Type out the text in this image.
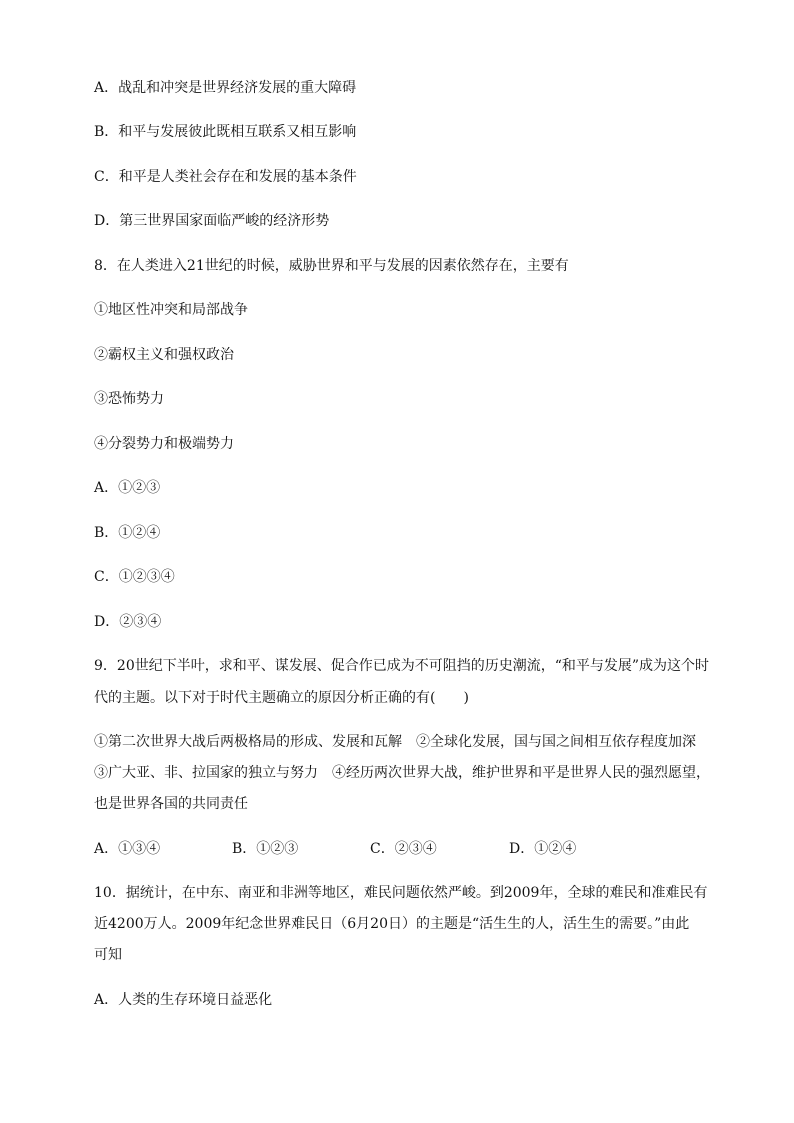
A．战乱和冲突是世界经济发展的重大障碍
B．和平与发展彼此既相互联系又相互影响
C．和平是人类社会存在和发展的基本条件
D．第三世界国家面临严峻的经济形势
8．在人类进入21世纪的时候，威胁世界和平与发展的因素依然存在，主要有
①地区性冲突和局部战争
②霸权主义和强权政治
③恐怖势力
④分裂势力和极端势力
A．①②③
B．①②④
C．①②③④
D．②③④
9．20世纪下半叶，求和平、谋发展、促合作已成为不可阻挡的历史潮流，“和平与发展”成为这个时
代的主题。以下对于时代主题确立的原因分析正确的有(　　)
①第二次世界大战后两极格局的形成、发展和瓦解　②全球化发展，国与国之间相互依存程度加深
③广大亚、非、拉国家的独立与努力　④经历两次世界大战，维护世界和平是世界人民的强烈愿望，
也是世界各国的共同责任
A．①③④	B．①②③	C．②③④	D．①②④
10．据统计，在中东、南亚和非洲等地区，难民问题依然严峻。到2009年，全球的难民和准难民有
近4200万人。2009年纪念世界难民日（6月20日）的主题是“活生生的人，活生生的需要。”由此
可知
A．人类的生存环境日益恶化
